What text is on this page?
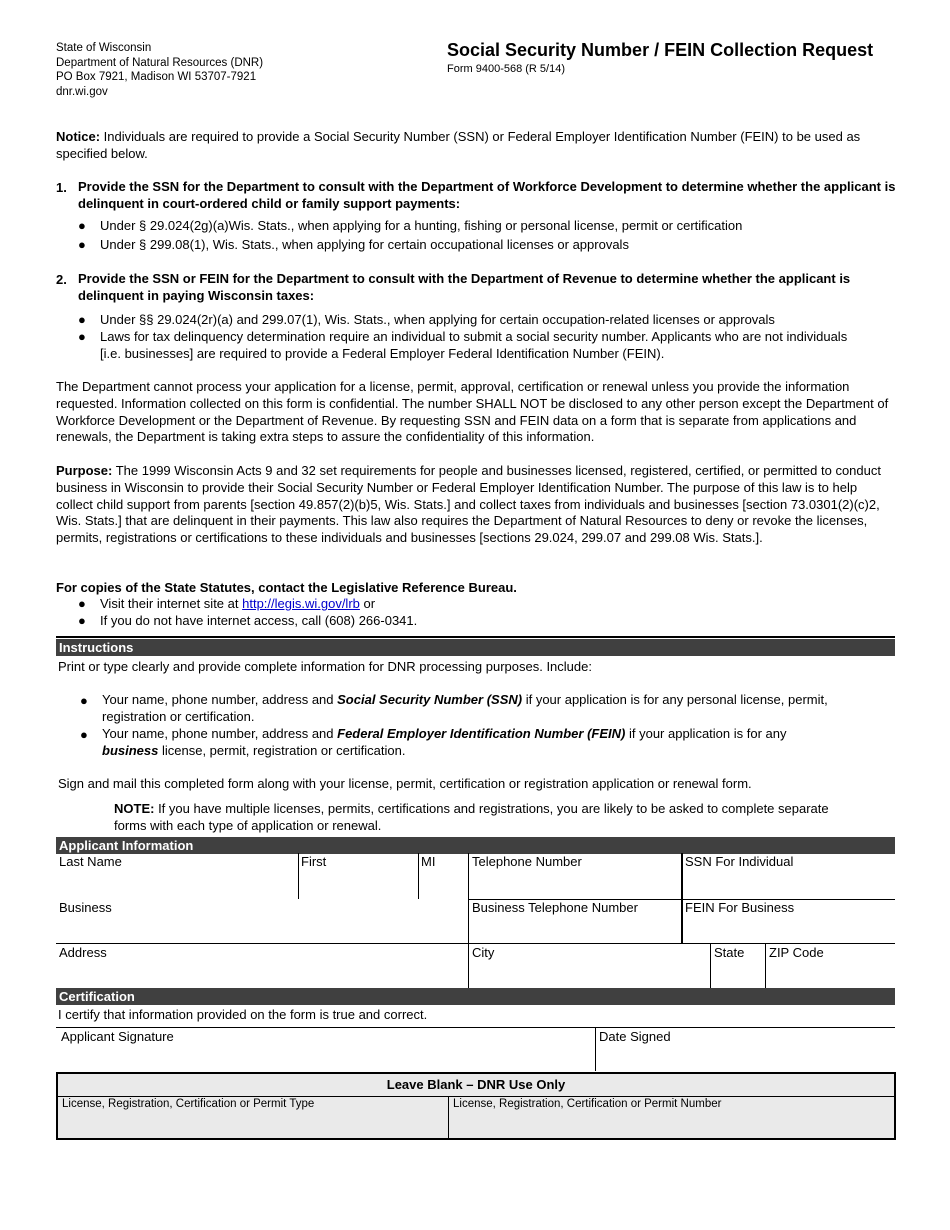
State of Wisconsin
Department of Natural Resources (DNR)
PO Box 7921, Madison WI 53707-7921
dnr.wi.gov
Social Security Number / FEIN Collection Request
Form 9400-568 (R 5/14)
Notice: Individuals are required to provide a Social Security Number (SSN) or Federal Employer Identification Number (FEIN) to be used as specified below.
1. Provide the SSN for the Department to consult with the Department of Workforce Development to determine whether the applicant is delinquent in court-ordered child or family support payments:
● Under § 29.024(2g)(a)Wis. Stats., when applying for a hunting, fishing or personal license, permit or certification
● Under § 299.08(1), Wis. Stats., when applying for certain occupational licenses or approvals
2. Provide the SSN or FEIN for the Department to consult with the Department of Revenue to determine whether the applicant is delinquent in paying Wisconsin taxes:
● Under §§ 29.024(2r)(a) and 299.07(1), Wis. Stats., when applying for certain occupation-related licenses or approvals
● Laws for tax delinquency determination require an individual to submit a social security number. Applicants who are not individuals [i.e. businesses] are required to provide a Federal Employer Federal Identification Number (FEIN).
The Department cannot process your application for a license, permit, approval, certification or renewal unless you provide the information requested. Information collected on this form is confidential. The number SHALL NOT be disclosed to any other person except the Department of Workforce Development or the Department of Revenue. By requesting SSN and FEIN data on a form that is separate from applications and renewals, the Department is taking extra steps to assure the confidentiality of this information.
Purpose: The 1999 Wisconsin Acts 9 and 32 set requirements for people and businesses licensed, registered, certified, or permitted to conduct business in Wisconsin to provide their Social Security Number or Federal Employer Identification Number. The purpose of this law is to help collect child support from parents [section 49.857(2)(b)5, Wis. Stats.] and collect taxes from individuals and businesses [section 73.0301(2)(c)2, Wis. Stats.] that are delinquent in their payments. This law also requires the Department of Natural Resources to deny or revoke the licenses, permits, registrations or certifications to these individuals and businesses [sections 29.024, 299.07 and 299.08 Wis. Stats.].
For copies of the State Statutes, contact the Legislative Reference Bureau.
● Visit their internet site at http://legis.wi.gov/lrb or
● If you do not have internet access, call (608) 266-0341.
Instructions
Print or type clearly and provide complete information for DNR processing purposes. Include:
● Your name, phone number, address and Social Security Number (SSN) if your application is for any personal license, permit, registration or certification.
● Your name, phone number, address and Federal Employer Identification Number (FEIN) if your application is for any business license, permit, registration or certification.
Sign and mail this completed form along with your license, permit, certification or registration application or renewal form.
NOTE: If you have multiple licenses, permits, certifications and registrations, you are likely to be asked to complete separate forms with each type of application or renewal.
Applicant Information
Last Name	First	MI	Telephone Number	SSN For Individual
Business	Business Telephone Number	FEIN For Business
Address	City	State	ZIP Code
Certification
I certify that information provided on the form is true and correct.
Applicant Signature	Date Signed
Leave Blank – DNR Use Only
License, Registration, Certification or Permit Type	License, Registration, Certification or Permit Number
